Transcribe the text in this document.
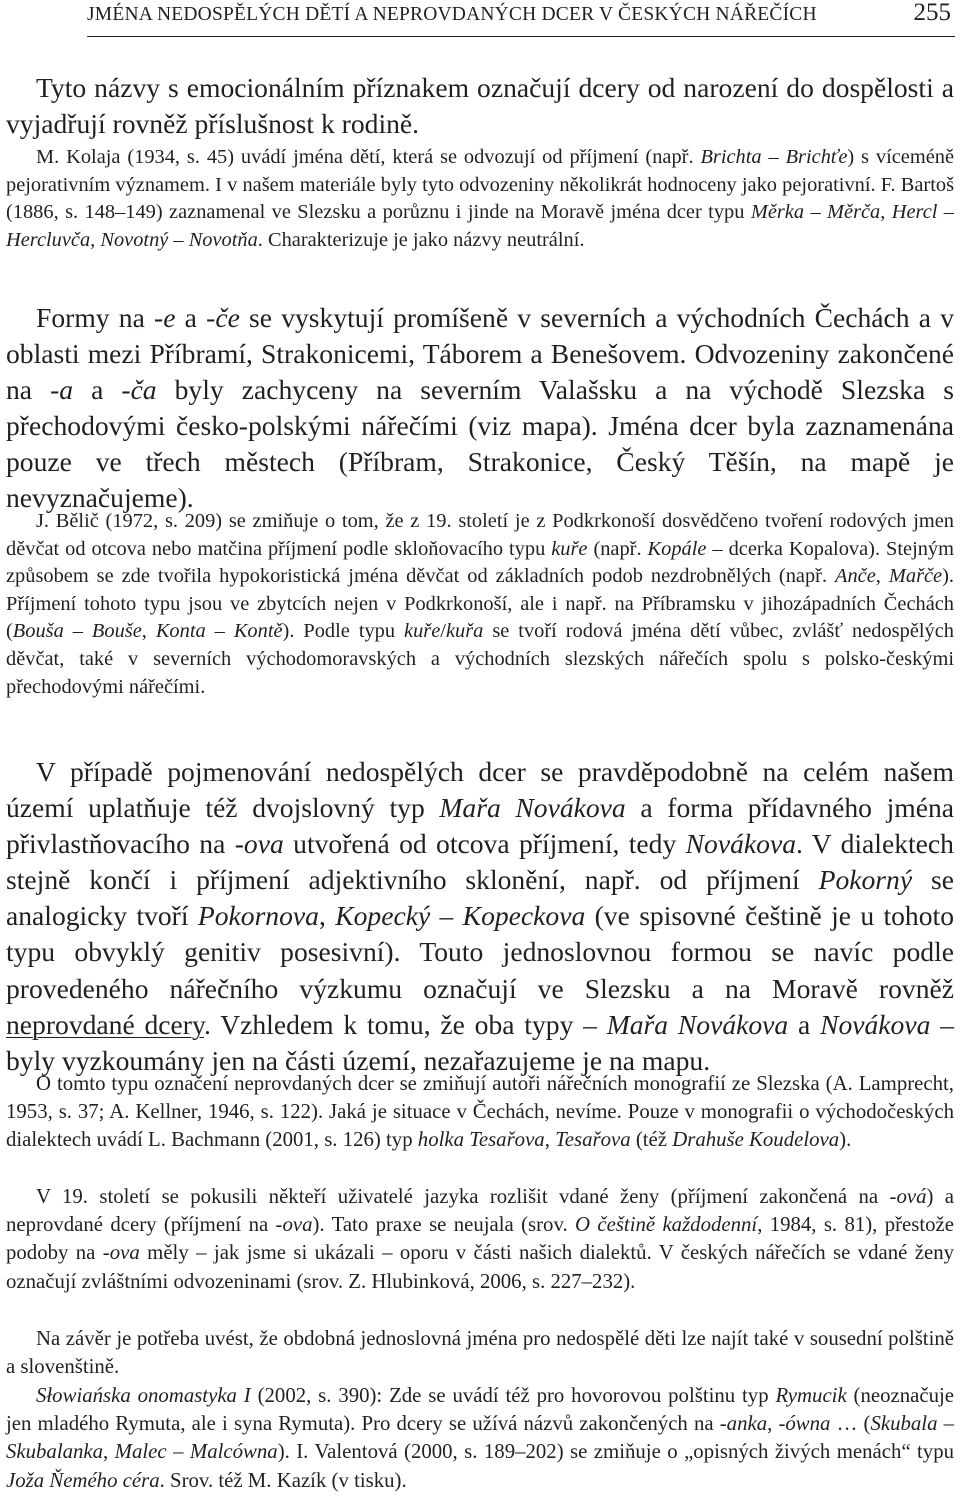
JMÉNA NEDOSPĚLÝCH DĚTÍ A NEPROVDANÝCH DCER V ČESKÝCH NÁŘEČÍCH	255

Tyto názvy s emocionálním příznakem označují dcery od narození do dospělosti a vyjadřují rovněž příslušnost k rodině.

M. Kolaja (1934, s. 45) uvádí jména dětí, která se odvozují od příjmení (např. Brichta – Brichťe) s víceméně pejorativním významem. I v našem materiále byly tyto odvozeniny několikrát hodnoceny jako pejorativní. F. Bartoš (1886, s. 148–149) zaznamenal ve Slezsku a porůznu i jinde na Moravě jména dcer typu Měrka – Měrča, Hercl – Hercluvča, Novotný – Novotňa. Charakterizuje je jako názvy neutrální.

Formy na -e a -če se vyskytují promíšeně v severních a východních Čechách a v oblasti mezi Příbramí, Strakonicemi, Táborem a Benešovem. Odvozeniny zakončené na -a a -ča byly zachyceny na severním Valašsku a na východě Slezska s přechodovými česko-polskými nářečími (viz mapa). Jména dcer byla zaznamenána pouze ve třech městech (Příbram, Strakonice, Český Těšín, na mapě je nevyznačujeme).

J. Bělič (1972, s. 209) se zmiňuje o tom, že z 19. století je z Podkrkonoší dosvědčeno tvoření rodových jmen děvčat od otcova nebo matčina příjmení podle skloňovacího typu kuře (např. Kopále – dcerka Kopalova). Stejným způsobem se zde tvořila hypokoristická jména děvčat od základních podob nezdrobnělých (např. Anče, Mařče). Příjmení tohoto typu jsou ve zbytcích nejen v Podkrkonoší, ale i např. na Příbramsku v jihozápadních Čechách (Bouša – Bouše, Konta – Kontě). Podle typu kuře/kuřa se tvoří rodová jména dětí vůbec, zvlášť nedospělých děvčat, také v severních východomoravských a východních slezských nářečích spolu s polsko-českými přechodovými nářečími.

V případě pojmenování nedospělých dcer se pravděpodobně na celém našem území uplatňuje též dvojslovný typ Mařa Novákova a forma přídavného jména přivlastňovacího na -ova utvořená od otcova příjmení, tedy Novákova. V dialektech stejně končí i příjmení adjektivního sklonění, např. od příjmení Pokorný se analogicky tvoří Pokornova, Kopecký – Kopeckova (ve spisovné češtině je u tohoto typu obvyklý genitiv posesivní). Touto jednoslovnou formou se navíc podle provedeného nářečního výzkumu označují ve Slezsku a na Moravě rovněž neprovdané dcery. Vzhledem k tomu, že oba typy – Mařa Novákova a Novákova – byly vyzkoumány jen na části území, nezařazujeme je na mapu.

O tomto typu označení neprovdaných dcer se zmiňují autoři nářečních monografií ze Slezska (A. Lamprecht, 1953, s. 37; A. Kellner, 1946, s. 122). Jaká je situace v Čechách, nevíme. Pouze v monografii o východočeských dialektech uvádí L. Bachmann (2001, s. 126) typ holka Tesařova, Tesařova (též Drahuše Koudelova).

V 19. století se pokusili někteří uživatelé jazyka rozlišit vdané ženy (příjmení zakončená na -ová) a neprovdané dcery (příjmení na -ova). Tato praxe se neujala (srov. O češtině každodenní, 1984, s. 81), přestože podoby na -ova měly – jak jsme si ukázali – oporu v části našich dialektů. V českých nářečích se vdané ženy označují zvláštními odvozeninami (srov. Z. Hlubinková, 2006, s. 227–232).

Na závěr je potřeba uvést, že obdobná jednoslovná jména pro nedospělé děti lze najít také v sousední polštině a slovenštině.

Słowiańska onomastyka I (2002, s. 390): Zde se uvádí též pro hovorovou polštinu typ Rymucik (neoznačuje jen mladého Rymuta, ale i syna Rymuta). Pro dcery se užívá názvů zakončených na -anka, -ówna … (Skubala – Skubalanka, Malec – Malcówna). I. Valentová (2000, s. 189–202) se zmiňuje o „opisných živých menách“ typu Joža Ňemého céra. Srov. též M. Kazík (v tisku).
